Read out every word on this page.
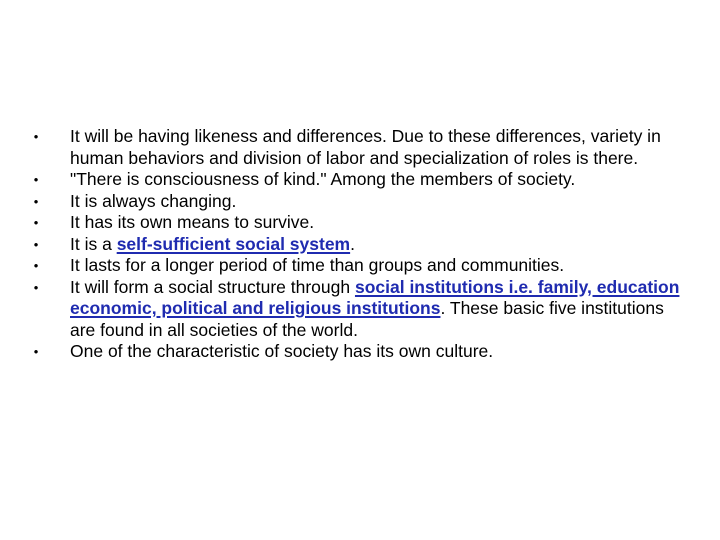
• It will be having likeness and differences. Due to these differences, variety in human behaviors and division of labor and specialization of roles is there.
• "There is consciousness of kind." Among the members of society.
• It is always changing.
• It has its own means to survive.
• It is a self-sufficient social system.
• It lasts for a longer period of time than groups and communities.
• It will form a social structure through social institutions i.e. family, education economic, political and religious institutions. These basic five institutions are found in all societies of the world.
• One of the characteristic of society has its own culture.
